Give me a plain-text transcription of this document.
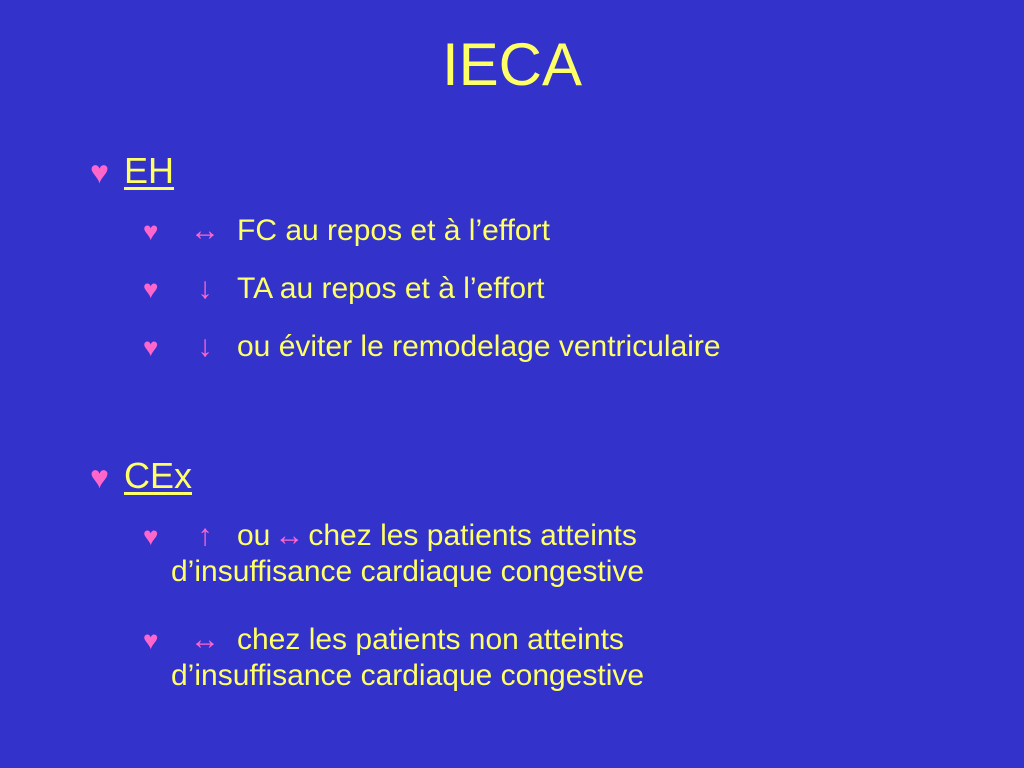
IECA
♥ EH
♥ ↔ FC au repos et à l’effort
♥ ↓ TA au repos et à l’effort
♥ ↓ ou éviter le remodelage ventriculaire
♥ CEx
♥ ↑ ou ↔ chez les patients atteints
d’insuffisance cardiaque congestive
♥ ↔ chez les patients non atteints
d’insuffisance cardiaque congestive
